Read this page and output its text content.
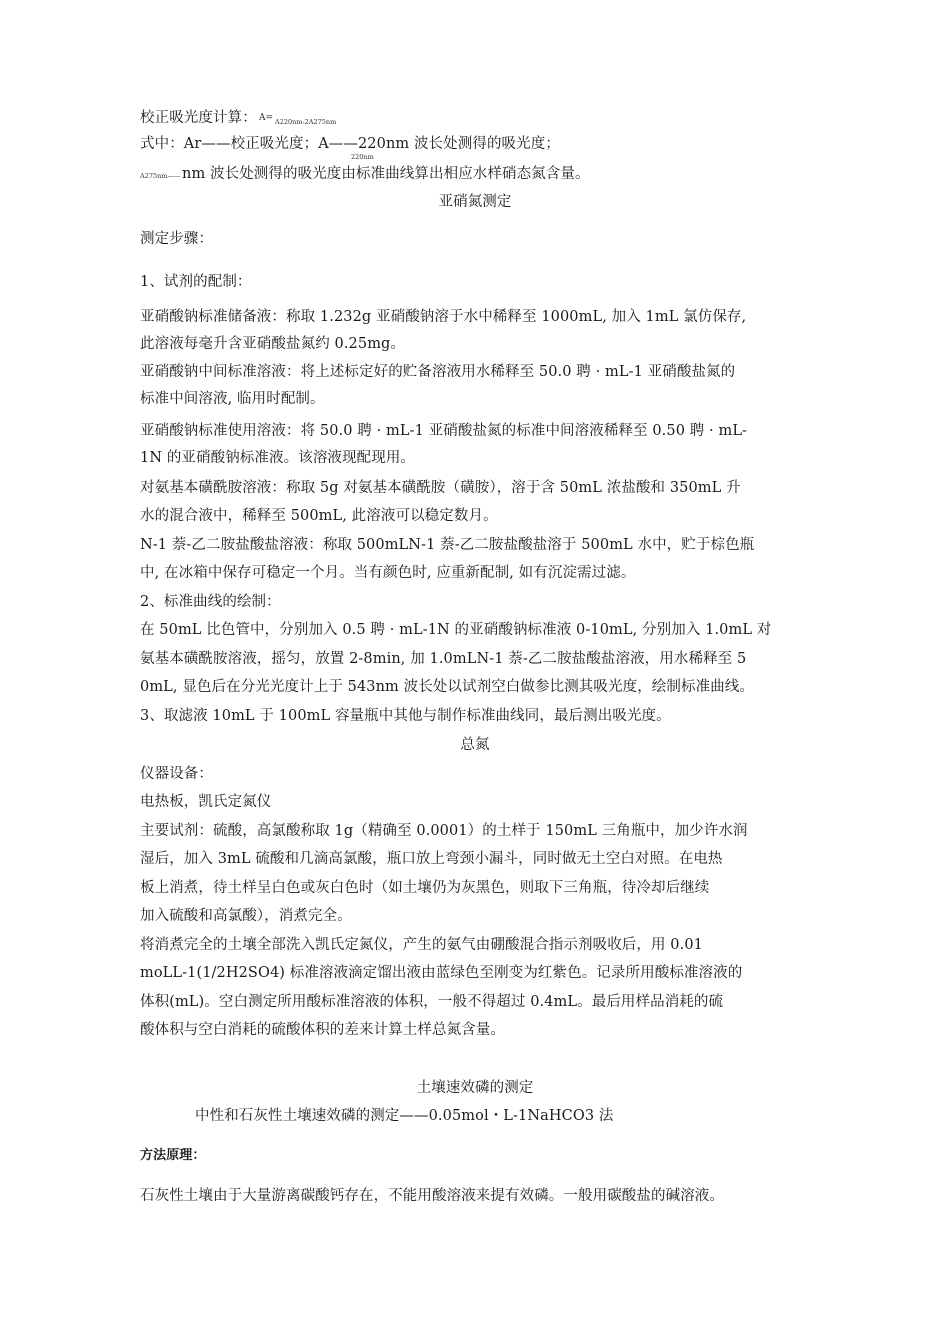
校正吸光度计算： A= A220nm-2A275nm
式中：Ar——校正吸光度；A——220nm 波长处测得的吸光度；
220nm
A275nm—— nm 波长处测得的吸光度由标准曲线算出相应水样硝态氮含量。
亚硝氮测定
测定步骤：
1、试剂的配制：
亚硝酸钠标准储备液：称取 1.232g 亚硝酸钠溶于水中稀释至 1000mL, 加入 1mL 氯仿保存,
此溶液每毫升含亚硝酸盐氮约 0.25mg。
亚硝酸钠中间标准溶液：将上述标定好的贮备溶液用水稀释至 50.0 聘 · mL-1 亚硝酸盐氮的
标准中间溶液, 临用时配制。
亚硝酸钠标准使用溶液：将 50.0 聘 · mL-1 亚硝酸盐氮的标准中间溶液稀释至 0.50 聘 · mL-
1N 的亚硝酸钠标准液。该溶液现配现用。
对氨基本磺酰胺溶液：称取 5g 对氨基本磺酰胺（磺胺），溶于含 50mL 浓盐酸和 350mL 升
水的混合液中，稀释至 500mL, 此溶液可以稳定数月。
N-1 萘-乙二胺盐酸盐溶液：称取 500mLN-1 萘-乙二胺盐酸盐溶于 500mL 水中，贮于棕色瓶
中, 在冰箱中保存可稳定一个月。当有颜色时, 应重新配制, 如有沉淀需过滤。
2、标准曲线的绘制：
在 50mL 比色管中，分别加入 0.5 聘 · mL-1N 的亚硝酸钠标准液 0-10mL, 分别加入 1.0mL 对
氨基本磺酰胺溶液，摇匀，放置 2-8min, 加 1.0mLN-1 萘-乙二胺盐酸盐溶液，用水稀释至 5
0mL, 显色后在分光光度计上于 543nm 波长处以试剂空白做参比测其吸光度，绘制标准曲线。
3、取滤液 10mL 于 100mL 容量瓶中其他与制作标准曲线同，最后测出吸光度。
总氮
仪器设备：
电热板，凯氏定氮仪
主要试剂：硫酸，高氯酸称取 1g（精确至 0.0001）的土样于 150mL 三角瓶中，加少许水润
湿后，加入 3mL 硫酸和几滴高氯酸，瓶口放上弯颈小漏斗，同时做无土空白对照。在电热
板上消煮，待土样呈白色或灰白色时（如土壤仍为灰黑色，则取下三角瓶，待冷却后继续
加入硫酸和高氯酸），消煮完全。
将消煮完全的土壤全部洗入凯氏定氮仪，产生的氨气由硼酸混合指示剂吸收后，用 0.01
moLL-1(1/2H2SO4) 标准溶液滴定馏出液由蓝绿色至刚变为红紫色。记录所用酸标准溶液的
体积(mL)。空白测定所用酸标准溶液的体积，一般不得超过 0.4mL。最后用样品消耗的硫
酸体积与空白消耗的硫酸体积的差来计算土样总氮含量。
土壤速效磷的测定
中性和石灰性土壤速效磷的测定——0.05mol・L-1NaHCO3 法
方法原理：
石灰性土壤由于大量游离碳酸钙存在，不能用酸溶液来提有效磷。一般用碳酸盐的碱溶液。
